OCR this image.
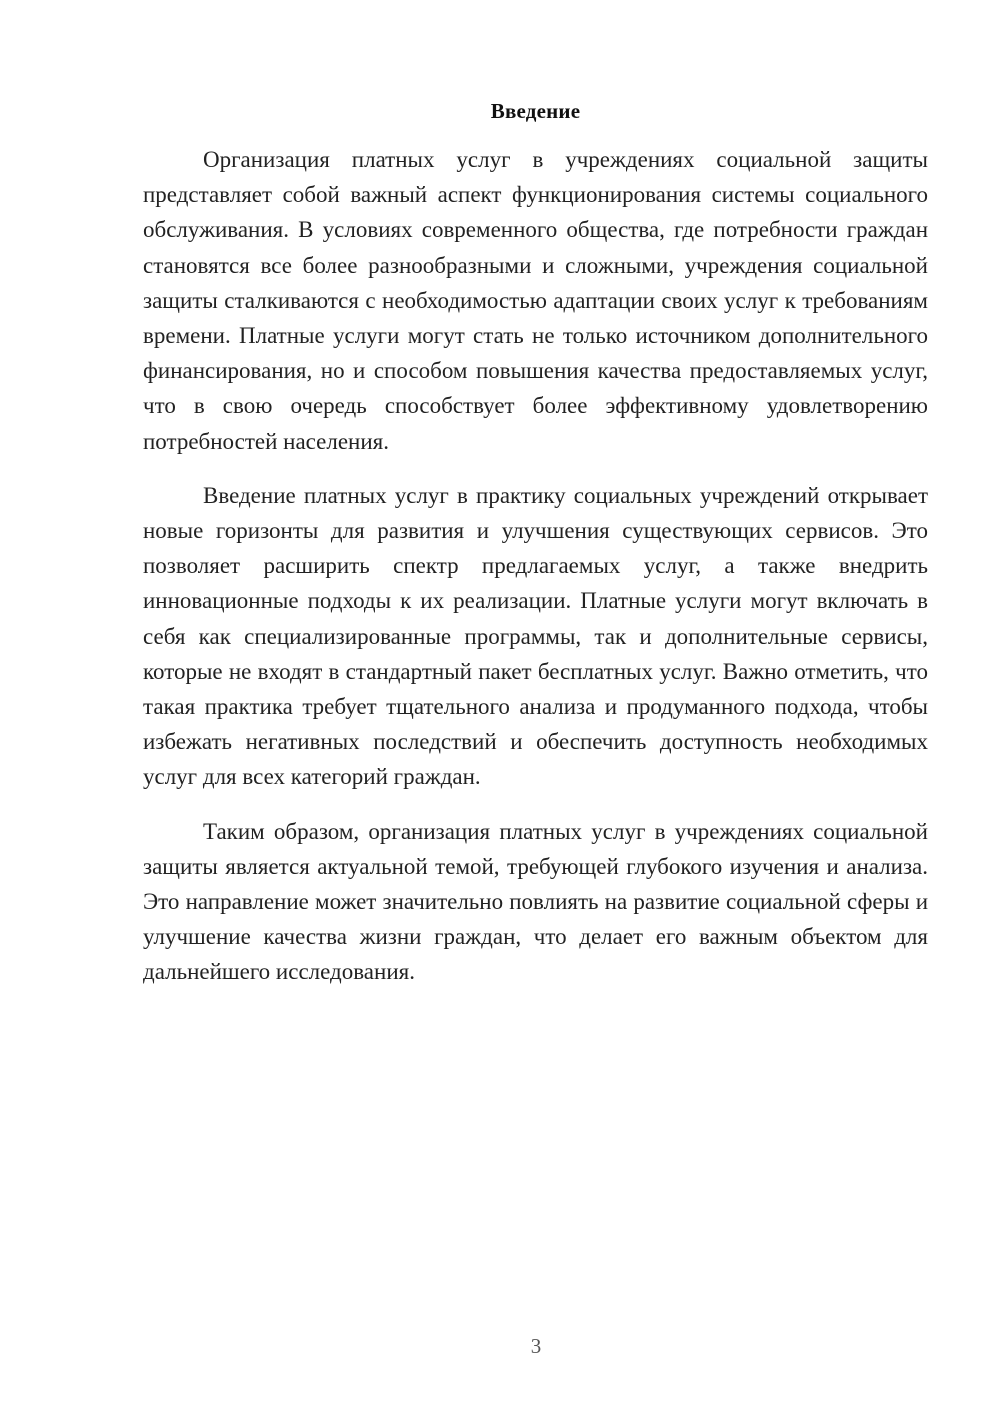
Введение

Организация платных услуг в учреждениях социальной защиты представляет собой важный аспект функционирования системы социального обслуживания. В условиях современного общества, где потребности граждан становятся все более разнообразными и сложными, учреждения социальной защиты сталкиваются с необходимостью адаптации своих услуг к требованиям времени. Платные услуги могут стать не только источником дополнительного финансирования, но и способом повышения качества предоставляемых услуг, что в свою очередь способствует более эффективному удовлетворению потребностей населения.

Введение платных услуг в практику социальных учреждений открывает новые горизонты для развития и улучшения существующих сервисов. Это позволяет расширить спектр предлагаемых услуг, а также внедрить инновационные подходы к их реализации. Платные услуги могут включать в себя как специализированные программы, так и дополнительные сервисы, которые не входят в стандартный пакет бесплатных услуг. Важно отметить, что такая практика требует тщательного анализа и продуманного подхода, чтобы избежать негативных последствий и обеспечить доступность необходимых услуг для всех категорий граждан.

Таким образом, организация платных услуг в учреждениях социальной защиты является актуальной темой, требующей глубокого изучения и анализа. Это направление может значительно повлиять на развитие социальной сферы и улучшение качества жизни граждан, что делает его важным объектом для дальнейшего исследования.

3
